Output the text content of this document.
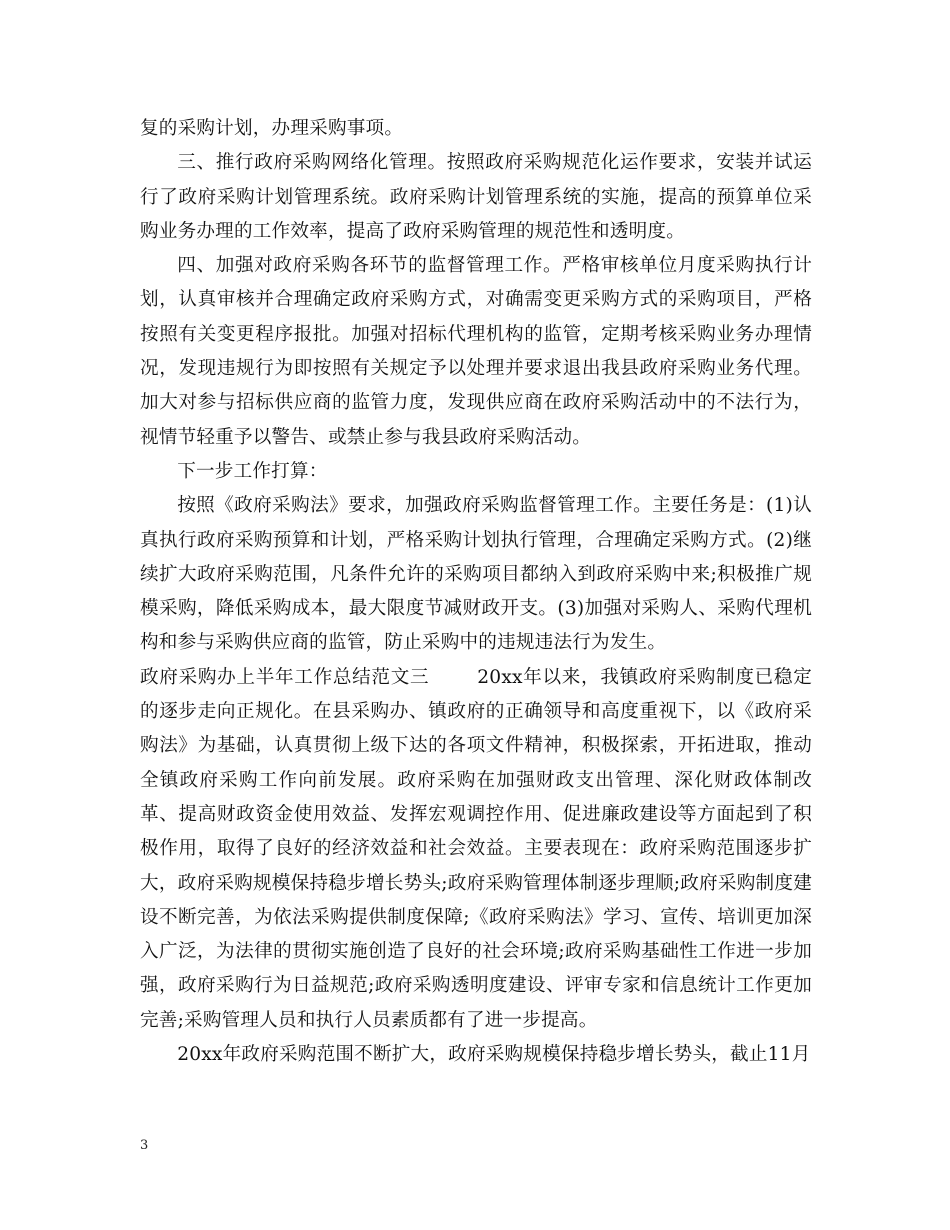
复的采购计划，办理采购事项。

三、推行政府采购网络化管理。按照政府采购规范化运作要求，安装并试运行了政府采购计划管理系统。政府采购计划管理系统的实施，提高的预算单位采购业务办理的工作效率，提高了政府采购管理的规范性和透明度。

四、加强对政府采购各环节的监督管理工作。严格审核单位月度采购执行计划，认真审核并合理确定政府采购方式，对确需变更采购方式的采购项目，严格按照有关变更程序报批。加强对招标代理机构的监管，定期考核采购业务办理情况，发现违规行为即按照有关规定予以处理并要求退出我县政府采购业务代理。加大对参与招标供应商的监管力度，发现供应商在政府采购活动中的不法行为，视情节轻重予以警告、或禁止参与我县政府采购活动。

下一步工作打算：

按照《政府采购法》要求，加强政府采购监督管理工作。主要任务是：(1)认真执行政府采购预算和计划，严格采购计划执行管理，合理确定采购方式。(2)继续扩大政府采购范围，凡条件允许的采购项目都纳入到政府采购中来;积极推广规模采购，降低采购成本，最大限度节减财政开支。(3)加强对采购人、采购代理机构和参与采购供应商的监管，防止采购中的违规违法行为发生。

政府采购办上半年工作总结范文三	20xx年以来，我镇政府采购制度已稳定的逐步走向正规化。在县采购办、镇政府的正确领导和高度重视下，以《政府采购法》为基础，认真贯彻上级下达的各项文件精神，积极探索，开拓进取，推动全镇政府采购工作向前发展。政府采购在加强财政支出管理、深化财政体制改革、提高财政资金使用效益、发挥宏观调控作用、促进廉政建设等方面起到了积极作用，取得了良好的经济效益和社会效益。主要表现在：政府采购范围逐步扩大，政府采购规模保持稳步增长势头;政府采购管理体制逐步理顺;政府采购制度建设不断完善，为依法采购提供制度保障;《政府采购法》学习、宣传、培训更加深入广泛，为法律的贯彻实施创造了良好的社会环境;政府采购基础性工作进一步加强，政府采购行为日益规范;政府采购透明度建设、评审专家和信息统计工作更加完善;采购管理人员和执行人员素质都有了进一步提高。

20xx年政府采购范围不断扩大，政府采购规模保持稳步增长势头，截止11月

3
